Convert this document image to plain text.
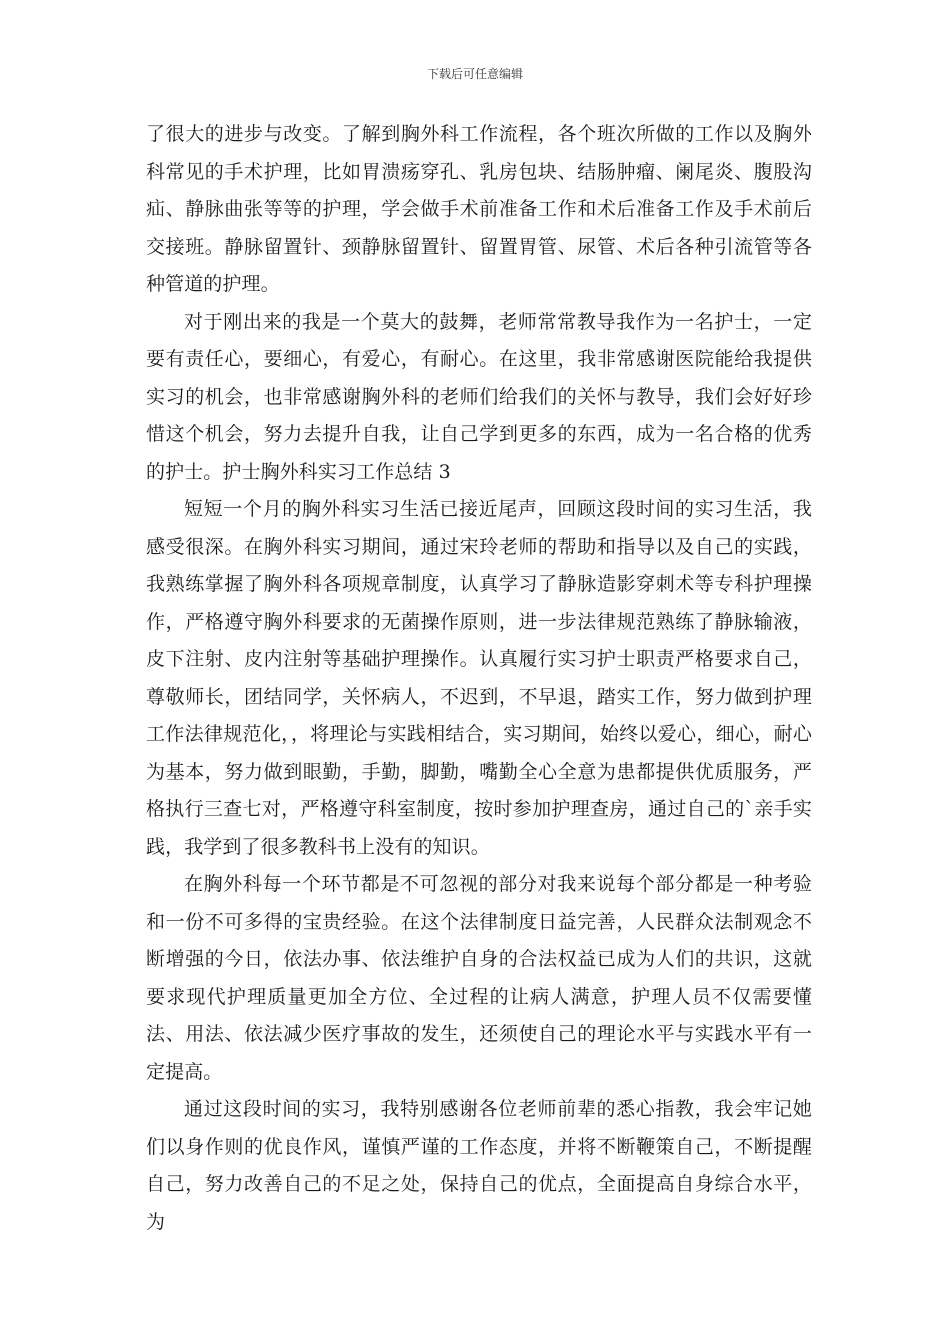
下载后可任意编辑

了很大的进步与改变。了解到胸外科工作流程，各个班次所做的工作以及胸外科常见的手术护理，比如胃溃疡穿孔、乳房包块、结肠肿瘤、阑尾炎、腹股沟疝、静脉曲张等等的护理，学会做手术前准备工作和术后准备工作及手术前后交接班。静脉留置针、颈静脉留置针、留置胃管、尿管、术后各种引流管等各种管道的护理。

对于刚出来的我是一个莫大的鼓舞，老师常常教导我作为一名护士，一定要有责任心，要细心，有爱心，有耐心。在这里，我非常感谢医院能给我提供实习的机会，也非常感谢胸外科的老师们给我们的关怀与教导，我们会好好珍惜这个机会，努力去提升自我，让自己学到更多的东西，成为一名合格的优秀的护士。护士胸外科实习工作总结 3

短短一个月的胸外科实习生活已接近尾声，回顾这段时间的实习生活，我感受很深。在胸外科实习期间，通过宋玲老师的帮助和指导以及自己的实践，我熟练掌握了胸外科各项规章制度，认真学习了静脉造影穿刺术等专科护理操作，严格遵守胸外科要求的无菌操作原则，进一步法律规范熟练了静脉输液，皮下注射、皮内注射等基础护理操作。认真履行实习护士职责严格要求自己，尊敬师长，团结同学，关怀病人，不迟到，不早退，踏实工作，努力做到护理工作法律规范化，，将理论与实践相结合，实习期间，始终以爱心，细心，耐心为基本，努力做到眼勤，手勤，脚勤，嘴勤全心全意为患都提供优质服务，严格执行三查七对，严格遵守科室制度，按时参加护理查房，通过自己的`亲手实践，我学到了很多教科书上没有的知识。

在胸外科每一个环节都是不可忽视的部分对我来说每个部分都是一种考验和一份不可多得的宝贵经验。在这个法律制度日益完善，人民群众法制观念不断增强的今日，依法办事、依法维护自身的合法权益已成为人们的共识，这就要求现代护理质量更加全方位、全过程的让病人满意，护理人员不仅需要懂法、用法、依法减少医疗事故的发生，还须使自己的理论水平与实践水平有一定提高。

通过这段时间的实习，我特别感谢各位老师前辈的悉心指教，我会牢记她们以身作则的优良作风，谨慎严谨的工作态度，并将不断鞭策自己，不断提醒自己，努力改善自己的不足之处，保持自己的优点，全面提高自身综合水平，为
